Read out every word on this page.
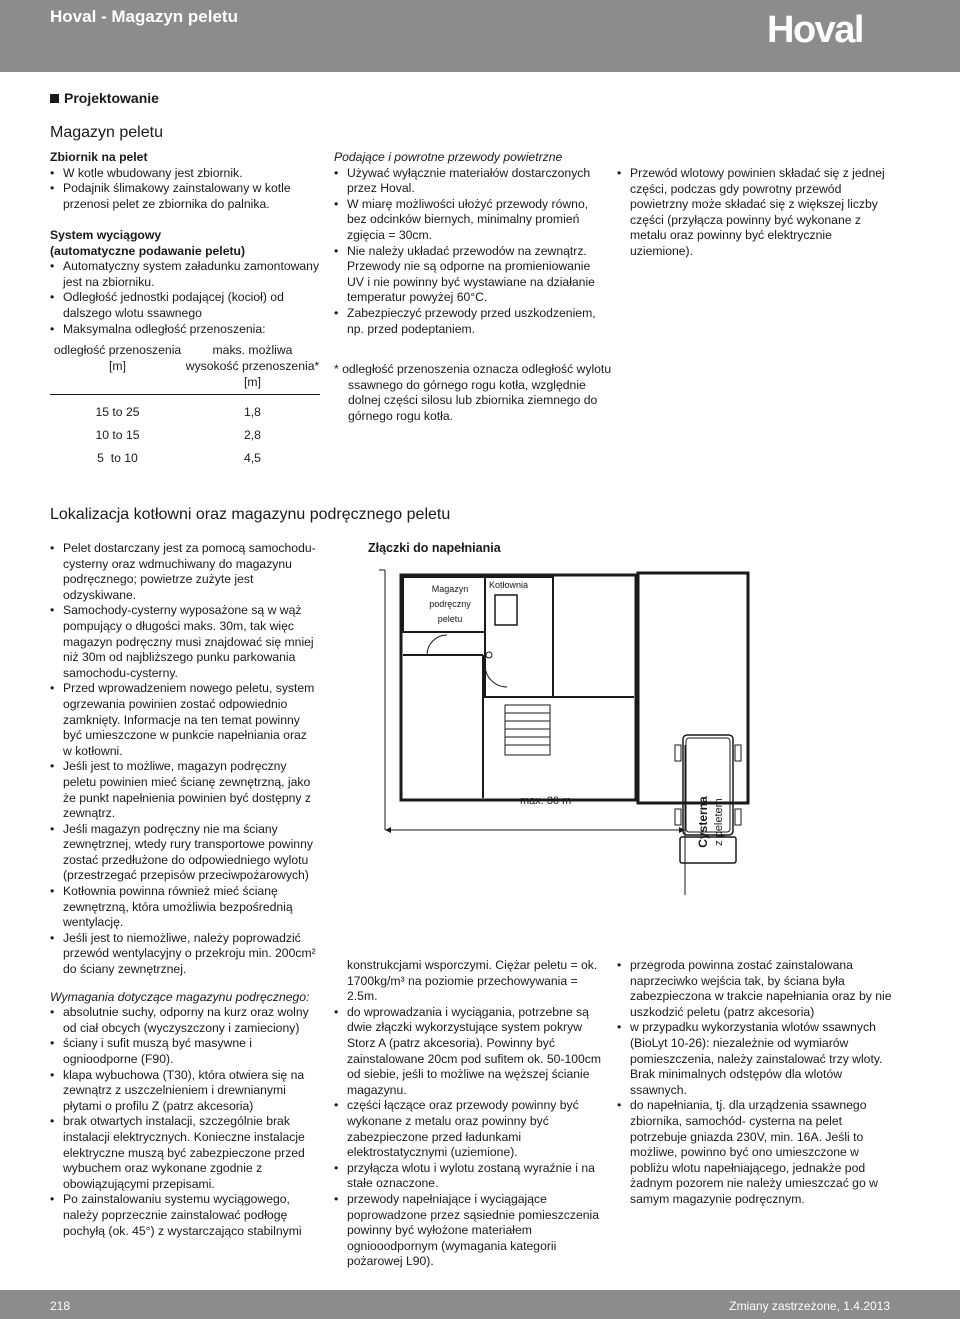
Hoval - Magazyn peletu	Hoval
Projektowanie
Magazyn peletu
Zbiornik na pelet
• W kotle wbudowany jest zbiornik.
• Podajnik ślimakowy zainstalowany w kotle przenosi pelet ze zbiornika do palnika.
System wyciągowy
(automatyczne podawanie peletu)
• Automatyczny system załadunku zamontowany jest na zbiorniku.
• Odległość jednostki podającej (kocioł) od dalszego wlotu ssawnego
• Maksymalna odległość przenoszenia:
odległość przenoszenia [m]	maks. możliwa wysokość przenoszenia* [m]
15 to 25	1,8
10 to 15	2,8
5  to 10	4,5
Podające i powrotne przewody powietrzne
• Używać wyłącznie materiałów dostarczonych przez Hoval.
• W miarę możliwości ułożyć przewody równo, bez odcinków biernych, minimalny promień zgięcia = 30cm.
• Nie należy układać przewodów na zewnątrz. Przewody nie są odporne na promieniowanie UV i nie powinny być wystawiane na działanie temperatur powyżej 60°C.
• Zabezpieczyć przewody przed uszkodzeniem, np. przed podeptaniem.
* odległość przenoszenia oznacza odległość wylotu ssawnego do górnego rogu kotła, względnie dolnej części silosu lub zbiornika ziemnego do górnego rogu kotła.
• Przewód wlotowy powinien składać się z jednej części, podczas gdy powrotny przewód powietrzny może składać się z większej liczby części (przyłącza powinny być wykonane z metalu oraz powinny być elektrycznie uziemione).
Lokalizacja kotłowni oraz magazynu podręcznego peletu
• Pelet dostarczany jest za pomocą samochodu-cysterny oraz wdmuchiwany do magazynu podręcznego; powietrze zużyte jest odzyskiwane.
• Samochody-cysterny wyposażone są w wąż pompujący o długości maks. 30m, tak więc magazyn podręczny musi znajdować się mniej niż 30m od najbliższego punku parkowania samochodu-cysterny.
• Przed wprowadzeniem nowego peletu, system ogrzewania powinien zostać odpowiednio zamknięty. Informacje na ten temat powinny być umieszczone w punkcie napełniania oraz w kotłowni.
• Jeśli jest to możliwe, magazyn podręczny peletu powinien mieć ścianę zewnętrzną, jako że punkt napełnienia powinien być dostępny z zewnątrz.
• Jeśli magazyn podręczny nie ma ściany zewnętrznej, wtedy rury transportowe powinny zostać przedłużone do odpowiedniego wylotu (przestrzegać przepisów przeciwpożarowych)
• Kotłownia powinna również mieć ścianę zewnętrzną, która umożliwia bezpośrednią wentylację.
• Jeśli jest to niemożliwe, należy poprowadzić przewód wentylacyjny o przekroju min. 200cm² do ściany zewnętrznej.
Wymagania dotyczące magazynu podręcznego:
• absolutnie suchy, odporny na kurz oraz wolny od ciał obcych (wyczyszczony i zamieciony)
• ściany i sufit muszą być masywne i ognioodporne (F90).
• klapa wybuchowa (T30), która otwiera się na zewnątrz z uszczelnieniem i drewnianymi płytami o profilu Z (patrz akcesoria)
• brak otwartych instalacji, szczególnie brak instalacji elektrycznych. Konieczne instalacje elektryczne muszą być zabezpieczone przed wybuchem oraz wykonane zgodnie z obowiązującymi przepisami.
• Po zainstalowaniu systemu wyciągowego, należy poprzecznie zainstalować podłogę pochyłą (ok. 45°) z wystarczająco stabilnymi
Złączki do napełniania
Magazyn
podręczny
peletu
Kotłownia
max. 30 m	Cysterna z peletem
konstrukcjami wsporczymi. Ciężar peletu = ok. 1700kg/m³ na poziomie przechowywania = 2.5m.
• do wprowadzania i wyciągania, potrzebne są dwie złączki wykorzystujące system pokryw Storz A (patrz akcesoria). Powinny być zainstalowane 20cm pod sufitem ok. 50-100cm od siebie, jeśli to możliwe na węższej ścianie magazynu.
• części łączące oraz przewody powinny być wykonane z metalu oraz powinny być zabezpieczone przed ładunkami elektrostatycznymi (uziemione).
• przyłącza wlotu i wylotu zostaną wyraźnie i na stałe oznaczone.
• przewody napełniające i wyciągające poprowadzone przez sąsiednie pomieszczenia powinny być wyłożone materiałem ogniooodpornym (wymagania kategorii pożarowej L90).
• przegroda powinna zostać zainstalowana naprzeciwko wejścia tak, by ściana była zabezpieczona w trakcie napełniania oraz by nie uszkodzić peletu (patrz akcesoria)
• w przypadku wykorzystania wlotów ssawnych (BioLyt 10-26): niezależnie od wymiarów pomieszczenia, należy zainstalować trzy wloty. Brak minimalnych odstępów dla wlotów ssawnych.
• do napełniania, tj. dla urządzenia ssawnego zbiornika, samochód- cysterna na pelet potrzebuje gniazda 230V, min. 16A. Jeśli to możliwe, powinno być ono umieszczone w pobliżu wlotu napełniającego, jednakże pod żadnym pozorem nie należy umieszczać go w samym magazynie podręcznym.
218	Zmiany zastrzeżone, 1.4.2013
